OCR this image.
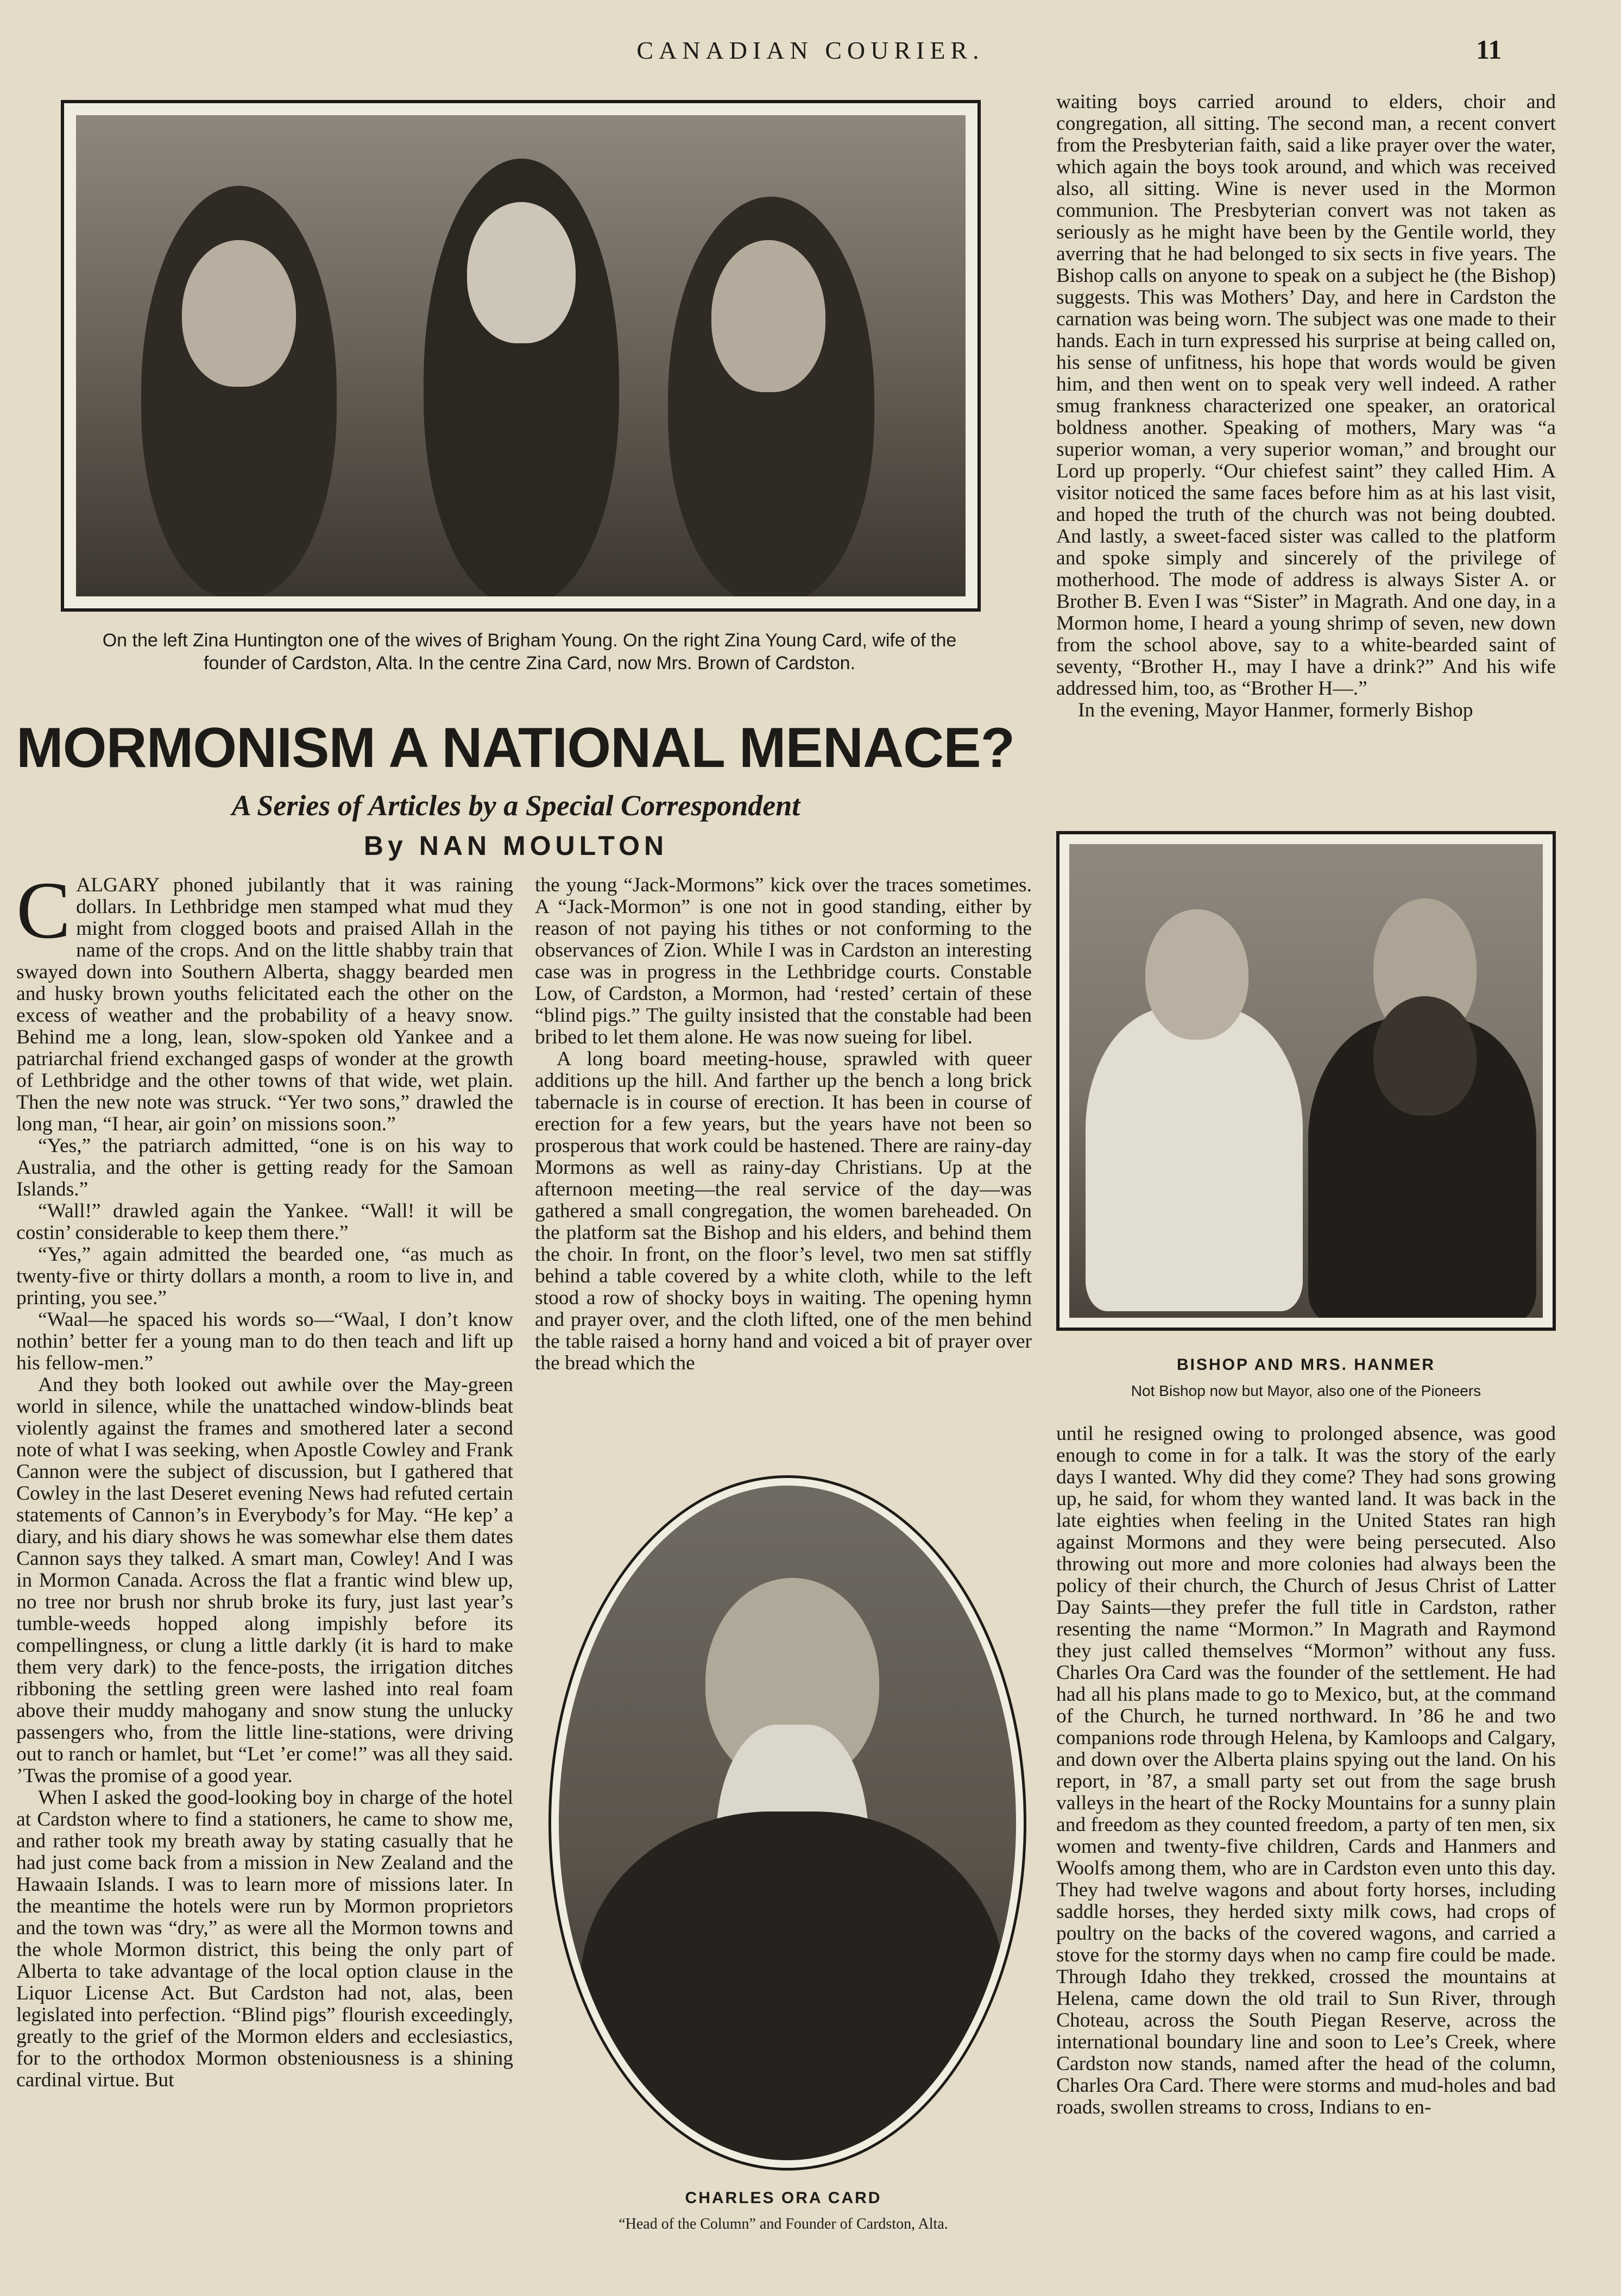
CANADIAN COURIER.	11
On the left Zina Huntington one of the wives of Brigham Young. On the right Zina Young Card, wife of the founder of Cardston, Alta. In the centre Zina Card, now Mrs. Brown of Cardston.
MORMONISM A NATIONAL MENACE?
A Series of Articles by a Special Correspondent
By NAN MOULTON

CALGARY phoned jubilantly that it was raining dollars. In Lethbridge men stamped what mud they might from clogged boots and praised Allah in the name of the crops. And on the little shabby train that swayed down into Southern Alberta, shaggy bearded men and husky brown youths felicitated each the other on the excess of weather and the probability of a heavy snow. Behind me a long, lean, slow-spoken old Yankee and a patriarchal friend exchanged gasps of wonder at the growth of Lethbridge and the other towns of that wide, wet plain. Then the new note was struck. “Yer two sons,” drawled the long man, “I hear, air goin’ on missions soon.”

“Yes,” the patriarch admitted, “one is on his way to Australia, and the other is getting ready for the Samoan Islands.”

“Wall!” drawled again the Yankee. “Wall! it will be costin’ considerable to keep them there.”

“Yes,” again admitted the bearded one, “as much as twenty-five or thirty dollars a month, a room to live in, and printing, you see.”

“Waal—he spaced his words so—“Waal, I don’t know nothin’ better fer a young man to do then teach and lift up his fellow-men.”

And they both looked out awhile over the May-green world in silence, while the unattached window-blinds beat violently against the frames and smothered later a second note of what I was seeking, when Apostle Cowley and Frank Cannon were the subject of discussion, but I gathered that Cowley in the last Deseret evening News had refuted certain statements of Cannon’s in Everybody’s for May. “He kep’ a diary, and his diary shows he was somewhar else them dates Cannon says they talked. A smart man, Cowley! And I was in Mormon Canada. Across the flat a frantic wind blew up, no tree nor brush nor shrub broke its fury, just last year’s tumble-weeds hopped along impishly before its compellingness, or clung a little darkly (it is hard to make them very dark) to the fence-posts, the irrigation ditches ribboning the settling green were lashed into real foam above their muddy mahogany and snow stung the unlucky passengers who, from the little line-stations, were driving out to ranch or hamlet, but “Let ’er come!” was all they said. ’Twas the promise of a good year.

When I asked the good-looking boy in charge of the hotel at Cardston where to find a stationers, he came to show me, and rather took my breath away by stating casually that he had just come back from a mission in New Zealand and the Hawaain Islands. I was to learn more of missions later. In the meantime the hotels were run by Mormon proprietors and the town was “dry,” as were all the Mormon towns and the whole Mormon district, this being the only part of Alberta to take advantage of the local option clause in the Liquor License Act. But Cardston had not, alas, been legislated into perfection. “Blind pigs” flourish exceedingly, greatly to the grief of the Mormon elders and ecclesiastics, for to the orthodox Mormon obsteniousness is a shining cardinal virtue. But

the young “Jack-Mormons” kick over the traces sometimes. A “Jack-Mormon” is one not in good standing, either by reason of not paying his tithes or not conforming to the observances of Zion. While I was in Cardston an interesting case was in progress in the Lethbridge courts. Constable Low, of Cardston, a Mormon, had ‘rested’ certain of these “blind pigs.” The guilty insisted that the constable had been bribed to let them alone. He was now sueing for libel.

A long board meeting-house, sprawled with queer additions up the hill. And farther up the bench a long brick tabernacle is in course of erection. It has been in course of erection for a few years, but the years have not been so prosperous that work could be hastened. There are rainy-day Mormons as well as rainy-day Christians. Up at the afternoon meeting—the real service of the day—was gathered a small congregation, the women bareheaded. On the platform sat the Bishop and his elders, and behind them the choir. In front, on the floor’s level, two men sat stiffly behind a table covered by a white cloth, while to the left stood a row of shocky boys in waiting. The opening hymn and prayer over, and the cloth lifted, one of the men behind the table raised a horny hand and voiced a bit of prayer over the bread which the

CHARLES ORA CARD
“Head of the Column” and Founder of Cardston, Alta.

waiting boys carried around to elders, choir and congregation, all sitting. The second man, a recent convert from the Presbyterian faith, said a like prayer over the water, which again the boys took around, and which was received also, all sitting. Wine is never used in the Mormon communion. The Presbyterian convert was not taken as seriously as he might have been by the Gentile world, they averring that he had belonged to six sects in five years. The Bishop calls on anyone to speak on a subject he (the Bishop) suggests. This was Mothers’ Day, and here in Cardston the carnation was being worn. The subject was one made to their hands. Each in turn expressed his surprise at being called on, his sense of unfitness, his hope that words would be given him, and then went on to speak very well indeed. A rather smug frankness characterized one speaker, an oratorical boldness another. Speaking of mothers, Mary was “a superior woman, a very superior woman,” and brought our Lord up properly. “Our chiefest saint” they called Him. A visitor noticed the same faces before him as at his last visit, and hoped the truth of the church was not being doubted. And lastly, a sweet-faced sister was called to the platform and spoke simply and sincerely of the privilege of motherhood. The mode of address is always Sister A. or Brother B. Even I was “Sister” in Magrath. And one day, in a Mormon home, I heard a young shrimp of seven, new down from the school above, say to a white-bearded saint of seventy, “Brother H., may I have a drink?” And his wife addressed him, too, as “Brother H—.”

In the evening, Mayor Hanmer, formerly Bishop

BISHOP AND MRS. HANMER
Not Bishop now but Mayor, also one of the Pioneers

until he resigned owing to prolonged absence, was good enough to come in for a talk. It was the story of the early days I wanted. Why did they come? They had sons growing up, he said, for whom they wanted land. It was back in the late eighties when feeling in the United States ran high against Mormons and they were being persecuted. Also throwing out more and more colonies had always been the policy of their church, the Church of Jesus Christ of Latter Day Saints—they prefer the full title in Cardston, rather resenting the name “Mormon.” In Magrath and Raymond they just called themselves “Mormon” without any fuss. Charles Ora Card was the founder of the settlement. He had had all his plans made to go to Mexico, but, at the command of the Church, he turned northward. In ’86 he and two companions rode through Helena, by Kamloops and Calgary, and down over the Alberta plains spying out the land. On his report, in ’87, a small party set out from the sage brush valleys in the heart of the Rocky Mountains for a sunny plain and freedom as they counted freedom, a party of ten men, six women and twenty-five children, Cards and Hanmers and Woolfs among them, who are in Cardston even unto this day. They had twelve wagons and about forty horses, including saddle horses, they herded sixty milk cows, had crops of poultry on the backs of the covered wagons, and carried a stove for the stormy days when no camp fire could be made. Through Idaho they trekked, crossed the mountains at Helena, came down the old trail to Sun River, through Choteau, across the South Piegan Reserve, across the international boundary line and soon to Lee’s Creek, where Cardston now stands, named after the head of the column, Charles Ora Card. There were storms and mud-holes and bad roads, swollen streams to cross, Indians to en-
